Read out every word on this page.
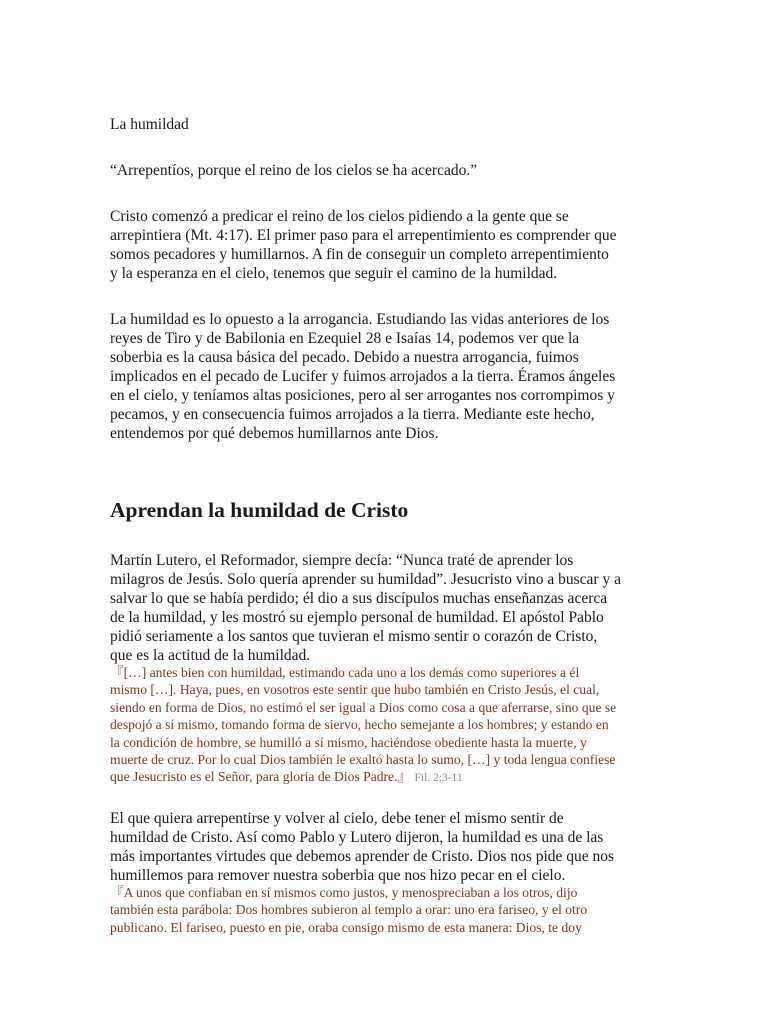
La humildad
“Arrepentíos, porque el reino de los cielos se ha acercado.”

Cristo comenzó a predicar el reino de los cielos pidiendo a la gente que se
arrepintiera (Mt. 4:17). El primer paso para el arrepentimiento es comprender que
somos pecadores y humillarnos. A fin de conseguir un completo arrepentimiento
y la esperanza en el cielo, tenemos que seguir el camino de la humildad.

La humildad es lo opuesto a la arrogancia. Estudiando las vidas anteriores de los
reyes de Tiro y de Babilonia en Ezequiel 28 e Isaías 14, podemos ver que la
soberbia es la causa básica del pecado. Debido a nuestra arrogancia, fuimos
implicados en el pecado de Lucifer y fuimos arrojados a la tierra. Éramos ángeles
en el cielo, y teníamos altas posiciones, pero al ser arrogantes nos corrompimos y
pecamos, y en consecuencia fuimos arrojados a la tierra. Mediante este hecho,
entendemos por qué debemos humillarnos ante Dios.

Aprendan la humildad de Cristo

Martín Lutero, el Reformador, siempre decía: “Nunca traté de aprender los
milagros de Jesús. Solo quería aprender su humildad”. Jesucristo vino a buscar y a
salvar lo que se había perdido; él dio a sus discípulos muchas enseñanzas acerca
de la humildad, y les mostró su ejemplo personal de humildad. El apóstol Pablo
pidió seriamente a los santos que tuvieran el mismo sentir o corazón de Cristo,
que es la actitud de la humildad.

『[…] antes bien con humildad, estimando cada uno a los demás como superiores a él
mismo […]. Haya, pues, en vosotros este sentir que hubo también en Cristo Jesús, el cual,
siendo en forma de Dios, no estimó el ser igual a Dios como cosa a que aferrarse, sino que se
despojó a sí mismo, tomando forma de siervo, hecho semejante a los hombres; y estando en
la condición de hombre, se humilló a sí mismo, haciéndose obediente hasta la muerte, y
muerte de cruz. Por lo cual Dios también le exaltó hasta lo sumo, […] y toda lengua confiese
que Jesucristo es el Señor, para gloria de Dios Padre.』 Fil. 2:3-11

El que quiera arrepentirse y volver al cielo, debe tener el mismo sentir de
humildad de Cristo. Así como Pablo y Lutero dijeron, la humildad es una de las
más importantes virtudes que debemos aprender de Cristo. Dios nos pide que nos
humillemos para remover nuestra soberbia que nos hizo pecar en el cielo.

『A unos que confiaban en sí mismos como justos, y menospreciaban a los otros, dijo
también esta parábola: Dos hombres subieron al templo a orar: uno era fariseo, y el otro
publicano. El fariseo, puesto en pie, oraba consigo mismo de esta manera: Dios, te doy
